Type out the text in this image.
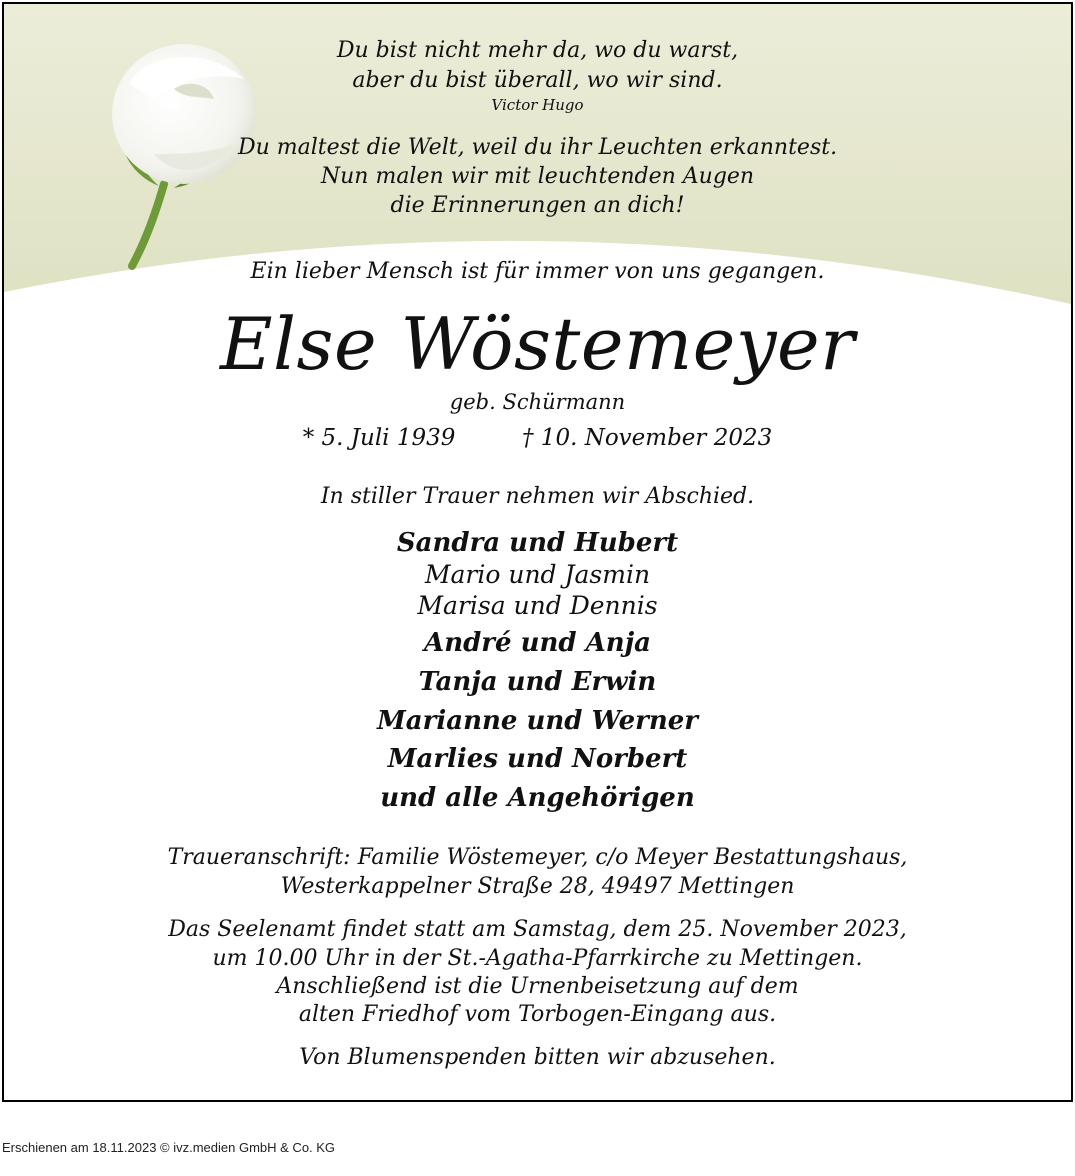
Du bist nicht mehr da, wo du warst,
aber du bist überall, wo wir sind.
Victor Hugo
Du maltest die Welt, weil du ihr Leuchten erkanntest.
Nun malen wir mit leuchtenden Augen
die Erinnerungen an dich!
Ein lieber Mensch ist für immer von uns gegangen.
Else Wöstemeyer
geb. Schürmann
* 5. Juli 1939	† 10. November 2023
In stiller Trauer nehmen wir Abschied.
Sandra und Hubert
Mario und Jasmin
Marisa und Dennis
André und Anja
Tanja und Erwin
Marianne und Werner
Marlies und Norbert
und alle Angehörigen
Traueranschrift: Familie Wöstemeyer, c/o Meyer Bestattungshaus,
Westerkappelner Straße 28, 49497 Mettingen
Das Seelenamt findet statt am Samstag, dem 25. November 2023,
um 10.00 Uhr in der St.-Agatha-Pfarrkirche zu Mettingen.
Anschließend ist die Urnenbeisetzung auf dem
alten Friedhof vom Torbogen-Eingang aus.
Von Blumenspenden bitten wir abzusehen.
Erschienen am 18.11.2023 © ivz.medien GmbH & Co. KG
